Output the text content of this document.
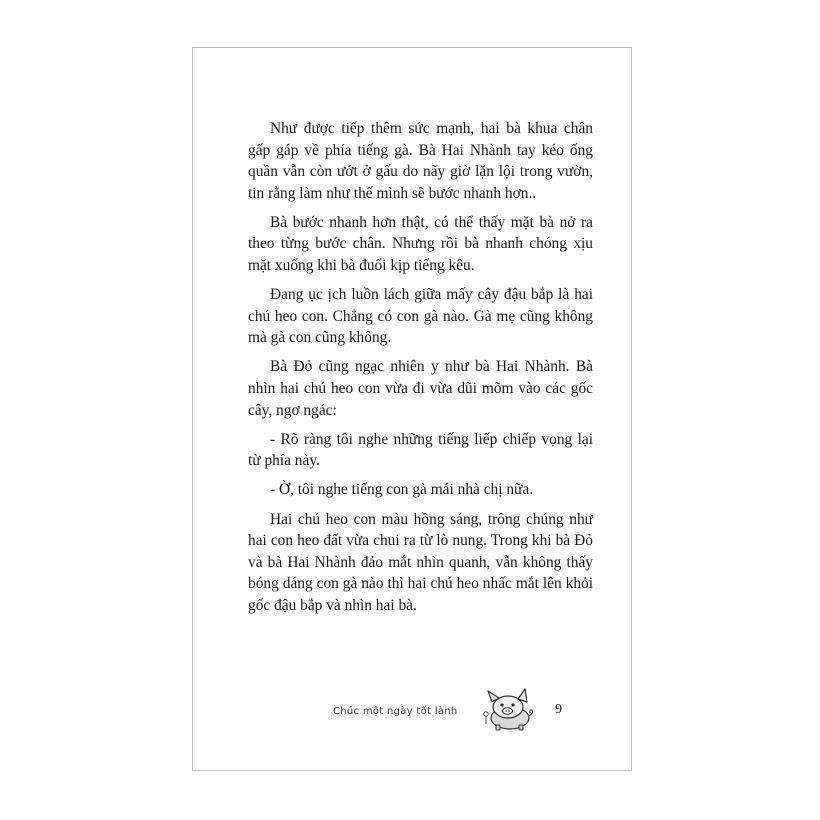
Như được tiếp thêm sức mạnh, hai bà khua chân gấp gáp về phía tiếng gà. Bà Hai Nhành tay kéo ống quần vẫn còn ướt ở gấu do nãy giờ lặn lội trong vườn, tin rằng làm như thế mình sẽ bước nhanh hơn..

Bà bước nhanh hơn thật, có thể thấy mặt bà nở ra theo từng bước chân. Nhưng rồi bà nhanh chóng xịu mặt xuống khi bà đuổi kịp tiếng kêu.

Đang ục ịch luồn lách giữa mấy cây đậu bắp là hai chú heo con. Chẳng có con gà nào. Gà mẹ cũng không mà gà con cũng không.

Bà Đỏ cũng ngạc nhiên y như bà Hai Nhành. Bà nhìn hai chú heo con vừa đi vừa dũi mõm vào các gốc cây, ngơ ngác:

- Rõ ràng tôi nghe những tiếng liếp chiếp vọng lại từ phía này.

- Ờ, tôi nghe tiếng con gà mái nhà chị nữa.

Hai chú heo con màu hồng sáng, trông chúng như hai con heo đất vừa chui ra từ lò nung. Trong khi bà Đỏ và bà Hai Nhành đảo mắt nhìn quanh, vẫn không thấy bóng dáng con gà nào thì hai chú heo nhấc mắt lên khỏi gốc đậu bắp và nhìn hai bà.

Chúc một ngày tốt lành	9
